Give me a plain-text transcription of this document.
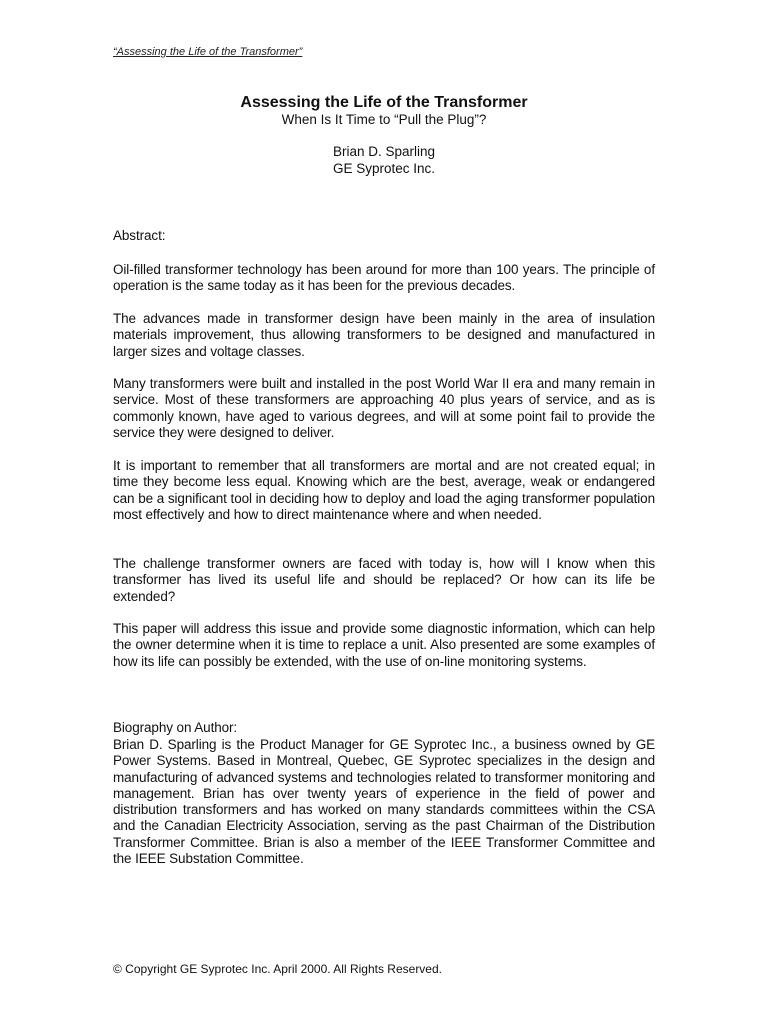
“Assessing the Life of the Transformer”
Assessing the Life of the Transformer

When Is It Time to “Pull the Plug”?

Brian D. Sparling
GE Syprotec Inc.

Abstract:

Oil-filled transformer technology has been around for more than 100 years. The principle of operation is the same today as it has been for the previous decades.

The advances made in transformer design have been mainly in the area of insulation materials improvement, thus allowing transformers to be designed and manufactured in larger sizes and voltage classes.

Many transformers were built and installed in the post World War II era and many remain in service. Most of these transformers are approaching 40 plus years of service, and as is commonly known, have aged to various degrees, and will at some point fail to provide the service they were designed to deliver.

It is important to remember that all transformers are mortal and are not created equal; in time they become less equal. Knowing which are the best, average, weak or endangered can be a significant tool in deciding how to deploy and load the aging transformer population most effectively and how to direct maintenance where and when needed.

The challenge transformer owners are faced with today is, how will I know when this transformer has lived its useful life and should be replaced? Or how can its life be extended?

This paper will address this issue and provide some diagnostic information, which can help the owner determine when it is time to replace a unit. Also presented are some examples of how its life can possibly be extended, with the use of on-line monitoring systems.

Biography on Author:

Brian D. Sparling is the Product Manager for GE Syprotec Inc., a business owned by GE Power Systems. Based in Montreal, Quebec, GE Syprotec specializes in the design and manufacturing of advanced systems and technologies related to transformer monitoring and management. Brian has over twenty years of experience in the field of power and distribution transformers and has worked on many standards committees within the CSA and the Canadian Electricity Association, serving as the past Chairman of the Distribution Transformer Committee. Brian is also a member of the IEEE Transformer Committee and the IEEE Substation Committee.

© Copyright GE Syprotec Inc. April 2000. All Rights Reserved.
